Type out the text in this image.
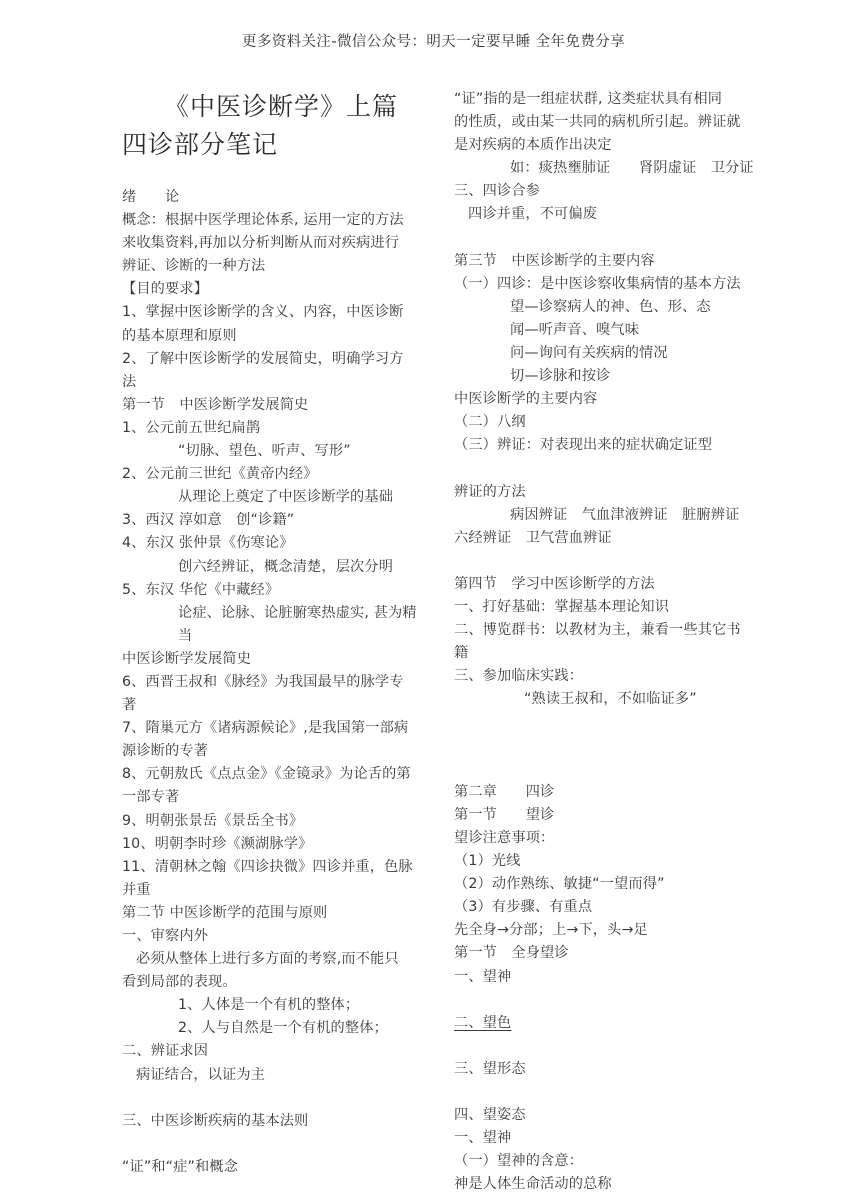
更多资料关注-微信公众号：明天一定要早睡 全年免费分享
《中医诊断学》上篇　四诊部分笔记

绪　　论

概念：根据中医学理论体系, 运用一定的方法

来收集资料,再加以分析判断从而对疾病进行

辨证、诊断的一种方法

【目的要求】

1、掌握中医诊断学的含义、内容，中医诊断

的基本原理和原则

2、了解中医诊断学的发展简史，明确学习方

法

第一节　中医诊断学发展简史

1、公元前五世纪扁鹊

“切脉、望色、听声、写形”

2、公元前三世纪《黄帝内经》

从理论上奠定了中医诊断学的基础

3、西汉 淳如意　创“诊籍”

4、东汉 张仲景《伤寒论》

创六经辨证，概念清楚，层次分明

5、东汉 华佗《中藏经》

论症、论脉、论脏腑寒热虚实, 甚为精当

中医诊断学发展简史

6、西晋王叔和《脉经》为我国最早的脉学专

著

7、隋巢元方《诸病源候论》,是我国第一部病

源诊断的专著

8、元朝敖氏《点点金》《金镜录》为论舌的第

一部专著

9、明朝张景岳《景岳全书》

10、明朝李时珍《濒湖脉学》

11、清朝林之翰《四诊抉微》四诊并重，色脉

并重

第二节 中医诊断学的范围与原则

一、审察内外

必须从整体上进行多方面的考察,而不能只

看到局部的表现。

1、人体是一个有机的整体；

2、人与自然是一个有机的整体；

二、辨证求因

病证结合，以证为主

三、中医诊断疾病的基本法则

“证”和“症”和概念

“证”指的是一组症状群, 这类症状具有相同

的性质，或由某一共同的病机所引起。辨证就

是对疾病的本质作出决定

如：痰热壅肺证　　肾阴虚证　卫分证

三、四诊合参

四诊并重，不可偏废

第三节　中医诊断学的主要内容

（一）四诊：是中医诊察收集病情的基本方法

望—诊察病人的神、色、形、态

闻—听声音、嗅气味

问—询问有关疾病的情况

切—诊脉和按诊

中医诊断学的主要内容

（二）八纲

（三）辨证：对表现出来的症状确定证型

辨证的方法

病因辨证　气血津液辨证　脏腑辨证

六经辨证　卫气营血辨证

第四节　学习中医诊断学的方法

一、打好基础：掌握基本理论知识

二、博览群书：以教材为主，兼看一些其它书

籍

三、参加临床实践：

“熟读王叔和，不如临证多”

第二章　　四诊

第一节　　望诊

望诊注意事项：

（1）光线

（2）动作熟练、敏捷“一望而得”

（3）有步骤、有重点

先全身→分部；上→下，头→足

第一节　全身望诊

一、望神

二、望色

三、望形态

四、望姿态

一、望神

（一）望神的含意：

神是人体生命活动的总称
